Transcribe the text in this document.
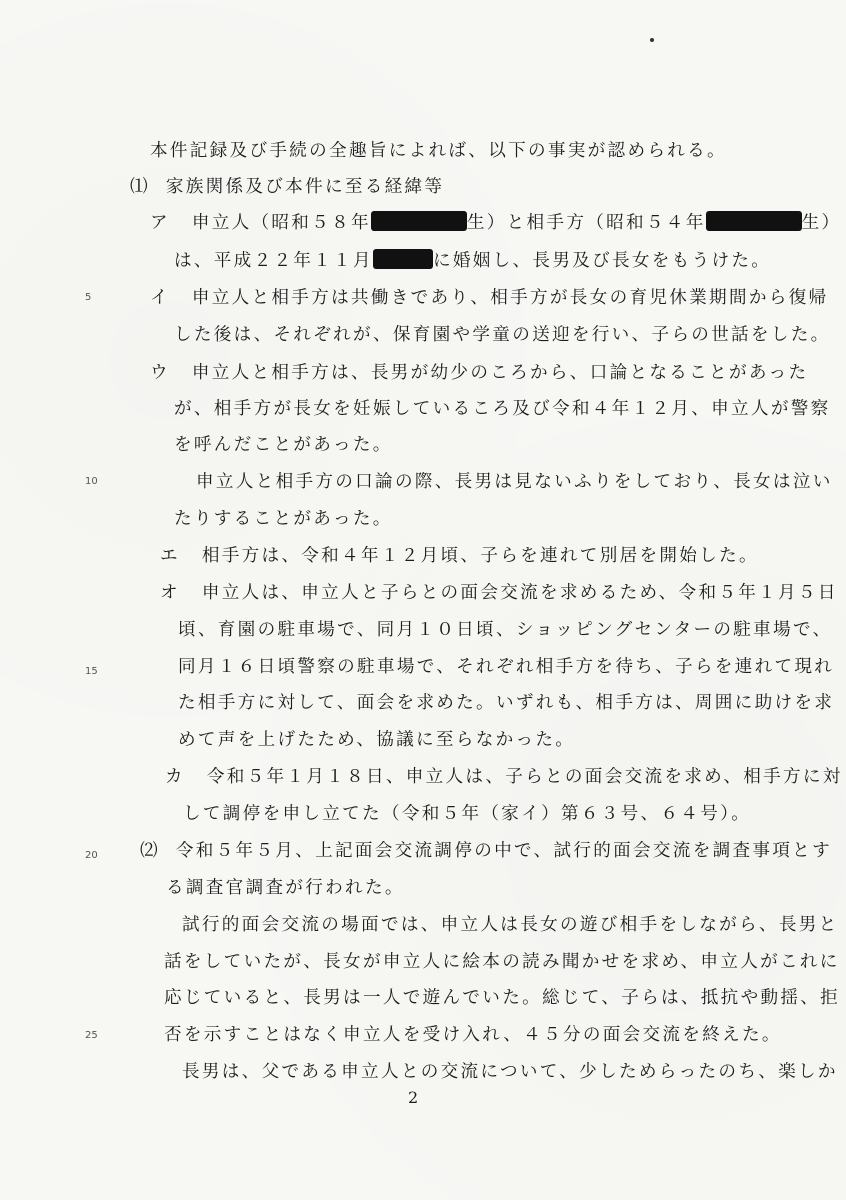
5
10
15
20
25
本件記録及び手続の全趣旨によれば、以下の事実が認められる。
⑴ 家族関係及び本件に至る経緯等
ア 申立人（昭和５８年	生）と相手方（昭和５４年	生）
は、平成２２年１１月	に婚姻し、長男及び長女をもうけた。
イ 申立人と相手方は共働きであり、相手方が長女の育児休業期間から復帰
した後は、それぞれが、保育園や学童の送迎を行い、子らの世話をした。
ウ 申立人と相手方は、長男が幼少のころから、口論となることがあった
が、相手方が長女を妊娠しているころ及び令和４年１２月、申立人が警察
を呼んだことがあった。
申立人と相手方の口論の際、長男は見ないふりをしており、長女は泣い
たりすることがあった。
エ 相手方は、令和４年１２月頃、子らを連れて別居を開始した。
オ 申立人は、申立人と子らとの面会交流を求めるため、令和５年１月５日
頃、育園の駐車場で、同月１０日頃、ショッピングセンターの駐車場で、
同月１６日頃警察の駐車場で、それぞれ相手方を待ち、子らを連れて現れ
た相手方に対して、面会を求めた。いずれも、相手方は、周囲に助けを求
めて声を上げたため、協議に至らなかった。
カ 令和５年１月１８日、申立人は、子らとの面会交流を求め、相手方に対
して調停を申し立てた（令和５年（家イ）第６３号、６４号）。
⑵ 令和５年５月、上記面会交流調停の中で、試行的面会交流を調査事項とす
る調査官調査が行われた。
試行的面会交流の場面では、申立人は長女の遊び相手をしながら、長男と
話をしていたが、長女が申立人に絵本の読み聞かせを求め、申立人がこれに
応じていると、長男は一人で遊んでいた。総じて、子らは、抵抗や動揺、拒
否を示すことはなく申立人を受け入れ、４５分の面会交流を終えた。
長男は、父である申立人との交流について、少しためらったのち、楽しか
2
